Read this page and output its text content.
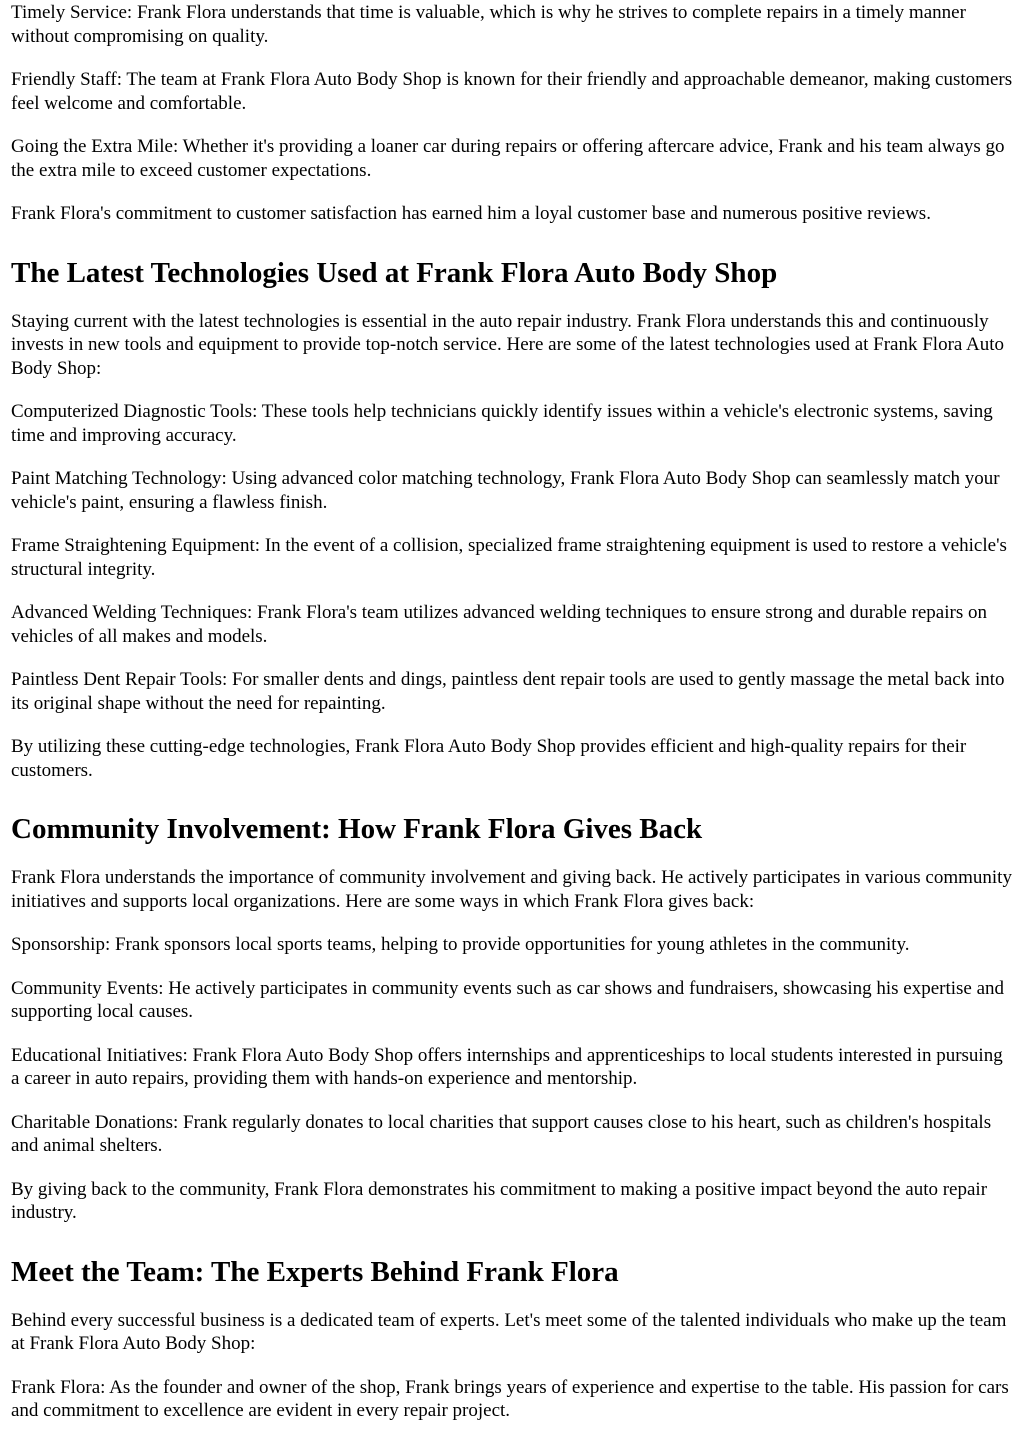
Timely Service: Frank Flora understands that time is valuable, which is why he strives to complete repairs in a timely manner without compromising on quality.

Friendly Staff: The team at Frank Flora Auto Body Shop is known for their friendly and approachable demeanor, making customers feel welcome and comfortable.

Going the Extra Mile: Whether it's providing a loaner car during repairs or offering aftercare advice, Frank and his team always go the extra mile to exceed customer expectations.

Frank Flora's commitment to customer satisfaction has earned him a loyal customer base and numerous positive reviews.

The Latest Technologies Used at Frank Flora Auto Body Shop

Staying current with the latest technologies is essential in the auto repair industry. Frank Flora understands this and continuously invests in new tools and equipment to provide top-notch service. Here are some of the latest technologies used at Frank Flora Auto Body Shop:

Computerized Diagnostic Tools: These tools help technicians quickly identify issues within a vehicle's electronic systems, saving time and improving accuracy.

Paint Matching Technology: Using advanced color matching technology, Frank Flora Auto Body Shop can seamlessly match your vehicle's paint, ensuring a flawless finish.

Frame Straightening Equipment: In the event of a collision, specialized frame straightening equipment is used to restore a vehicle's structural integrity.

Advanced Welding Techniques: Frank Flora's team utilizes advanced welding techniques to ensure strong and durable repairs on vehicles of all makes and models.

Paintless Dent Repair Tools: For smaller dents and dings, paintless dent repair tools are used to gently massage the metal back into its original shape without the need for repainting.

By utilizing these cutting-edge technologies, Frank Flora Auto Body Shop provides efficient and high-quality repairs for their customers.

Community Involvement: How Frank Flora Gives Back

Frank Flora understands the importance of community involvement and giving back. He actively participates in various community initiatives and supports local organizations. Here are some ways in which Frank Flora gives back:

Sponsorship: Frank sponsors local sports teams, helping to provide opportunities for young athletes in the community.

Community Events: He actively participates in community events such as car shows and fundraisers, showcasing his expertise and supporting local causes.

Educational Initiatives: Frank Flora Auto Body Shop offers internships and apprenticeships to local students interested in pursuing a career in auto repairs, providing them with hands-on experience and mentorship.

Charitable Donations: Frank regularly donates to local charities that support causes close to his heart, such as children's hospitals and animal shelters.

By giving back to the community, Frank Flora demonstrates his commitment to making a positive impact beyond the auto repair industry.

Meet the Team: The Experts Behind Frank Flora

Behind every successful business is a dedicated team of experts. Let's meet some of the talented individuals who make up the team at Frank Flora Auto Body Shop:

Frank Flora: As the founder and owner of the shop, Frank brings years of experience and expertise to the table. His passion for cars and commitment to excellence are evident in every repair project.
